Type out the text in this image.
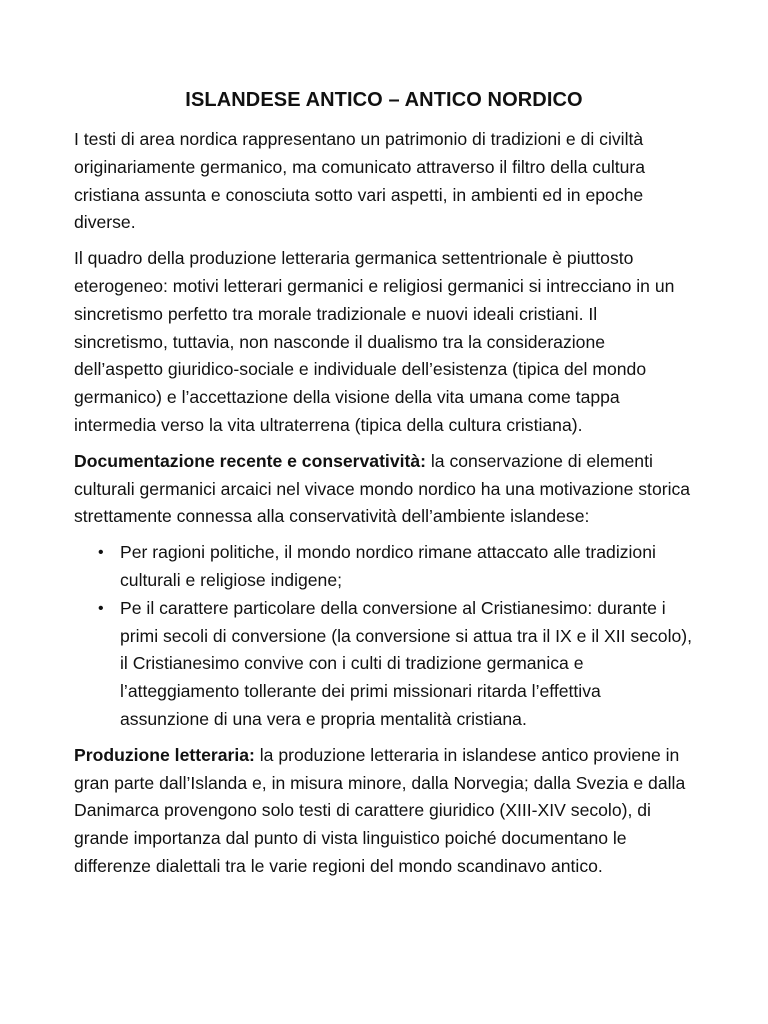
ISLANDESE ANTICO – ANTICO NORDICO

I testi di area nordica rappresentano un patrimonio di tradizioni e di civiltà originariamente germanico, ma comunicato attraverso il filtro della cultura cristiana assunta e conosciuta sotto vari aspetti, in ambienti ed in epoche diverse.

Il quadro della produzione letteraria germanica settentrionale è piuttosto eterogeneo: motivi letterari germanici e religiosi germanici si intrecciano in un sincretismo perfetto tra morale tradizionale e nuovi ideali cristiani. Il sincretismo, tuttavia, non nasconde il dualismo tra la considerazione dell’aspetto giuridico-sociale e individuale dell’esistenza (tipica del mondo germanico) e l’accettazione della visione della vita umana come tappa intermedia verso la vita ultraterrena (tipica della cultura cristiana).

Documentazione recente e conservatività: la conservazione di elementi culturali germanici arcaici nel vivace mondo nordico ha una motivazione storica strettamente connessa alla conservatività dell’ambiente islandese:

• Per ragioni politiche, il mondo nordico rimane attaccato alle tradizioni culturali e religiose indigene;
• Pe il carattere particolare della conversione al Cristianesimo: durante i primi secoli di conversione (la conversione si attua tra il IX e il XII secolo), il Cristianesimo convive con i culti di tradizione germanica e l’atteggiamento tollerante dei primi missionari ritarda l’effettiva assunzione di una vera e propria mentalità cristiana.

Produzione letteraria: la produzione letteraria in islandese antico proviene in gran parte dall’Islanda e, in misura minore, dalla Norvegia; dalla Svezia e dalla Danimarca provengono solo testi di carattere giuridico (XIII-XIV secolo), di grande importanza dal punto di vista linguistico poiché documentano le differenze dialettali tra le varie regioni del mondo scandinavo antico.
